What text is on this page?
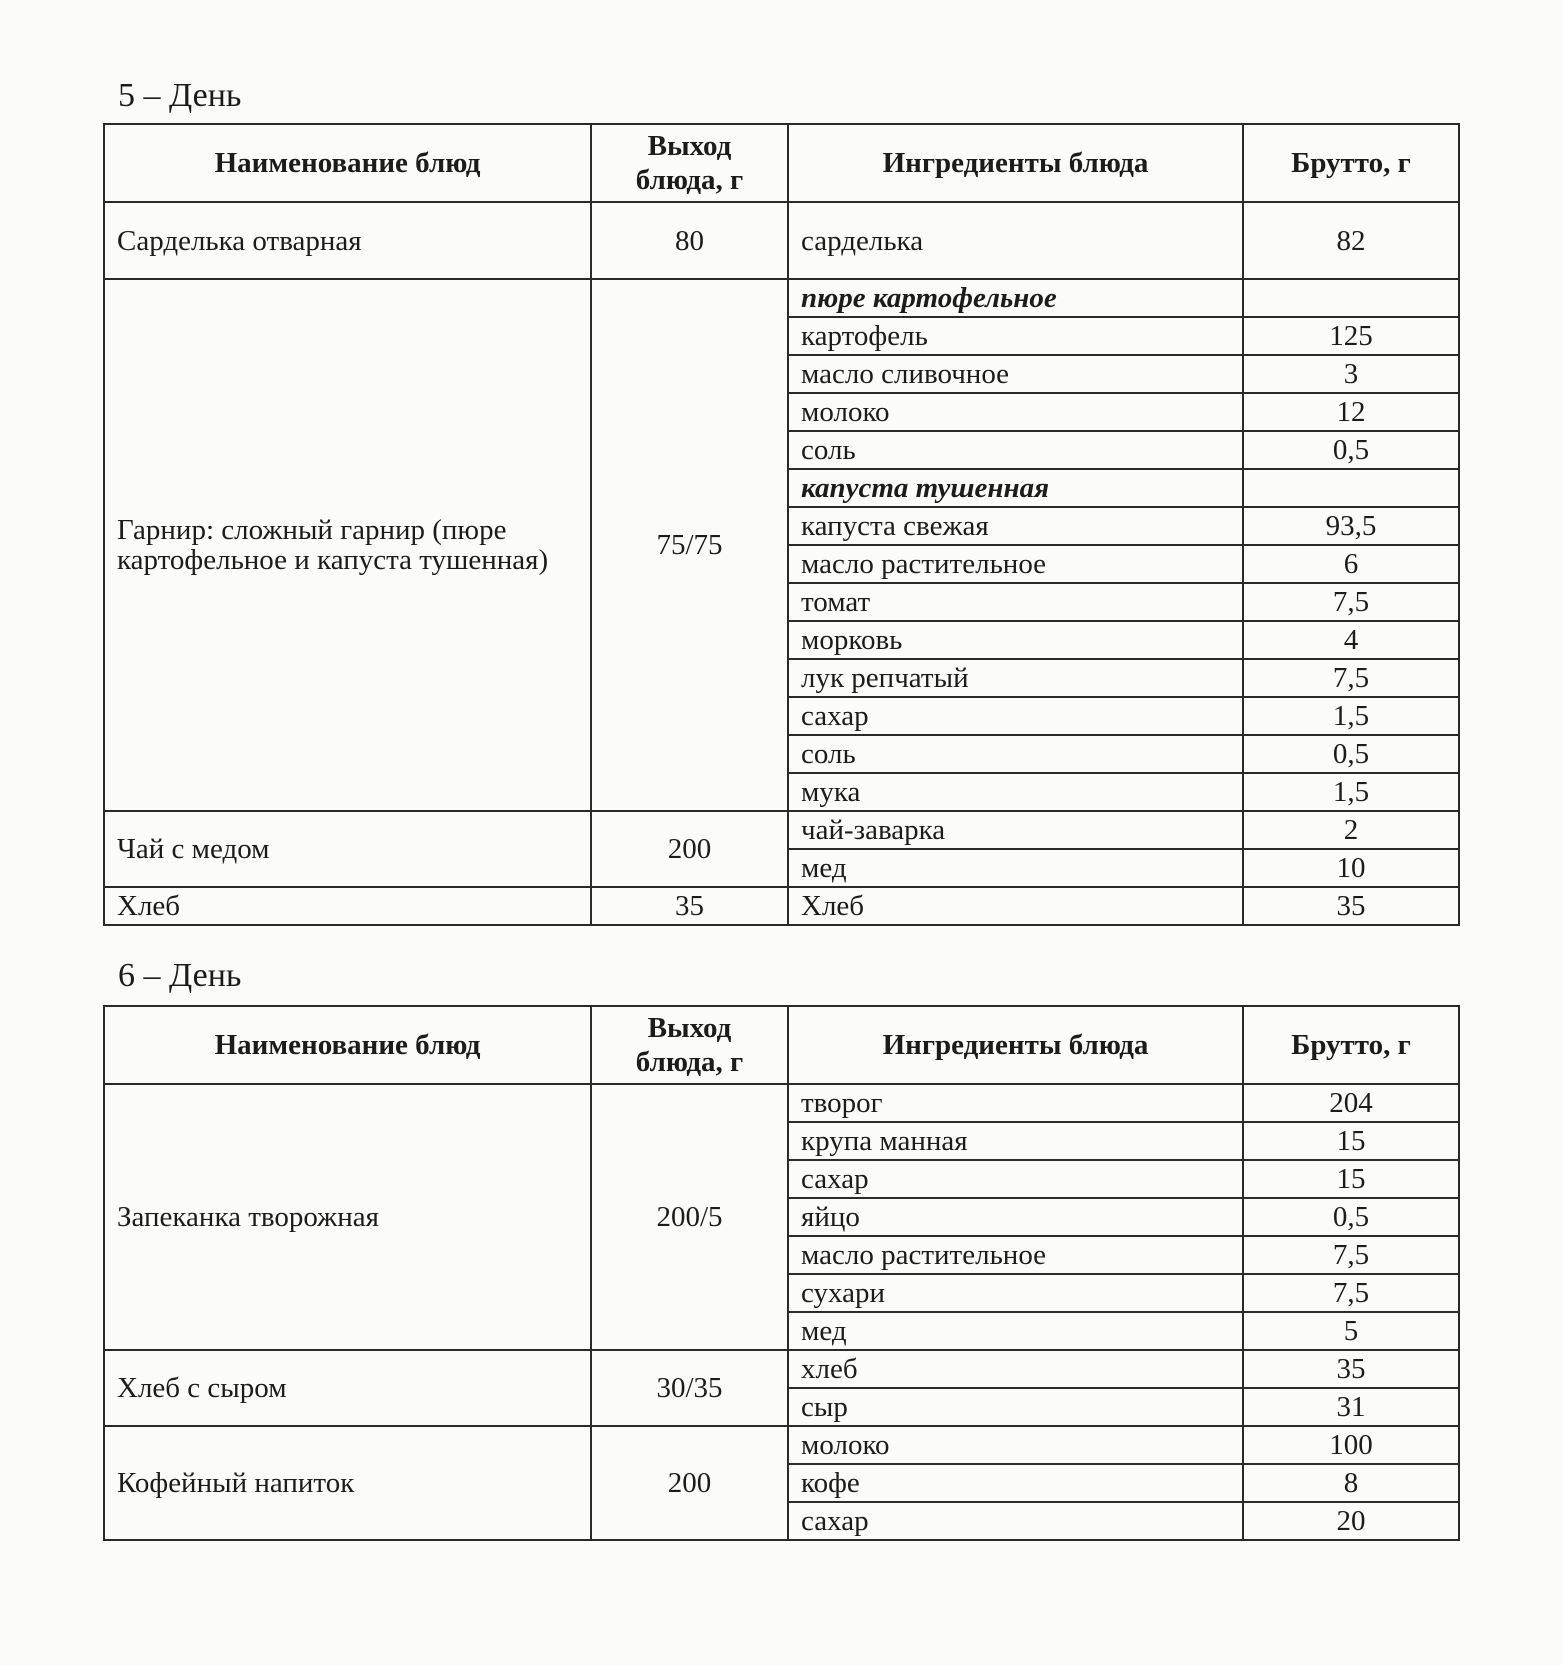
5 – День
Наименование блюд	Выход блюда, г	Ингредиенты блюда	Брутто, г
Сарделька отварная	80	сарделька	82
Гарнир: сложный гарнир (пюре картофельное и капуста тушенная)	75/75	пюре картофельное	
		картофель	125
		масло сливочное	3
		молоко	12
		соль	0,5
		капуста тушенная	
		капуста свежая	93,5
		масло растительное	6
		томат	7,5
		морковь	4
		лук репчатый	7,5
		сахар	1,5
		соль	0,5
		мука	1,5
Чай с медом	200	чай-заварка	2
		мед	10
Хлеб	35	Хлеб	35
6 – День
Наименование блюд	Выход блюда, г	Ингредиенты блюда	Брутто, г
Запеканка творожная	200/5	творог	204
		крупа манная	15
		сахар	15
		яйцо	0,5
		масло растительное	7,5
		сухари	7,5
		мед	5
Хлеб с сыром	30/35	хлеб	35
		сыр	31
Кофейный напиток	200	молоко	100
		кофе	8
		сахар	20
